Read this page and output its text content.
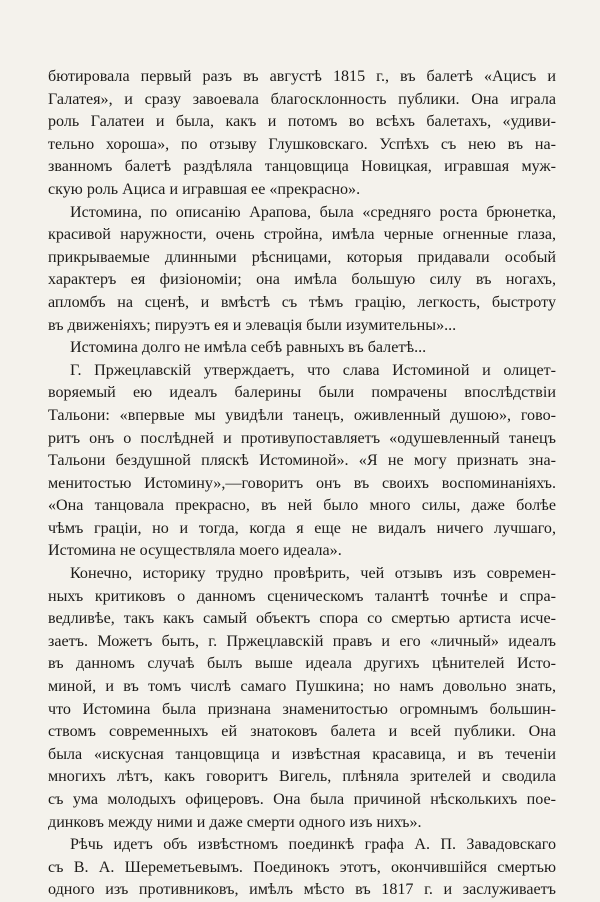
бютировала первый разъ въ августѣ 1815 г., въ балетѣ «Ацисъ и
Галатея», и сразу завоевала благосклонность публики. Она играла
роль Галатеи и была, какъ и потомъ во всѣхъ балетахъ, «удиви-
тельно хороша», по отзыву Глушковскаго. Успѣхъ съ нею въ на-
званномъ балетѣ раздѣляла танцовщица Новицкая, игравшая муж-
скую роль Ациса и игравшая ее «прекрасно».

Истомина, по описанію Арапова, была «средняго роста брюнетка,
красивой наружности, очень стройна, имѣла черные огненные глаза,
прикрываемые длинными рѣсницами, которыя придавали особый
характеръ ея физіономіи; она имѣла большую силу въ ногахъ,
апломбъ на сценѣ, и вмѣстѣ съ тѣмъ грацію, легкость, быстроту
въ движеніяхъ; пируэтъ ея и элевація были изумительны»...

Истомина долго не имѣла себѣ равныхъ въ балетѣ...

Г. Пржецлавскій утверждаетъ, что слава Истоминой и олицет-
воряемый ею идеалъ балерины были помрачены впослѣдствіи
Тальони: «впервые мы увидѣли танецъ, оживленный душою», гово-
ритъ онъ о послѣдней и противупоставляетъ «одушевленный танецъ
Тальони бездушной пляскѣ Истоминой». «Я не могу признать зна-
менитостью Истомину»,—говоритъ онъ въ своихъ воспоминаніяхъ.
«Она танцовала прекрасно, въ ней было много силы, даже болѣе
чѣмъ граціи, но и тогда, когда я еще не видалъ ничего лучшаго,
Истомина не осуществляла моего идеала».

Конечно, историку трудно провѣрить, чей отзывъ изъ современ-
ныхъ критиковъ о данномъ сценическомъ талантѣ точнѣе и спра-
ведливѣе, такъ какъ самый объектъ спора со смертью артиста исче-
заетъ. Можетъ быть, г. Пржецлавскій правъ и его «личный» идеалъ
въ данномъ случаѣ былъ выше идеала другихъ цѣнителей Исто-
миной, и въ томъ числѣ самаго Пушкина; но намъ довольно знать,
что Истомина была признана знаменитостью огромнымъ большин-
ствомъ современныхъ ей знатоковъ балета и всей публики. Она
была «искусная танцовщица и извѣстная красавица, и въ теченіи
многихъ лѣтъ, какъ говоритъ Вигель, плѣняла зрителей и сводила
съ ума молодыхъ офицеровъ. Она была причиной нѣсколькихъ пое-
динковъ между ними и даже смерти одного изъ нихъ».

Рѣчь идетъ объ извѣстномъ поединкѣ графа А. П. Завадовскаго
съ В. А. Шереметьевымъ. Поединокъ этотъ, окончившійся смертью
одного изъ противниковъ, имѣлъ мѣсто въ 1817 г. и заслуживаетъ
